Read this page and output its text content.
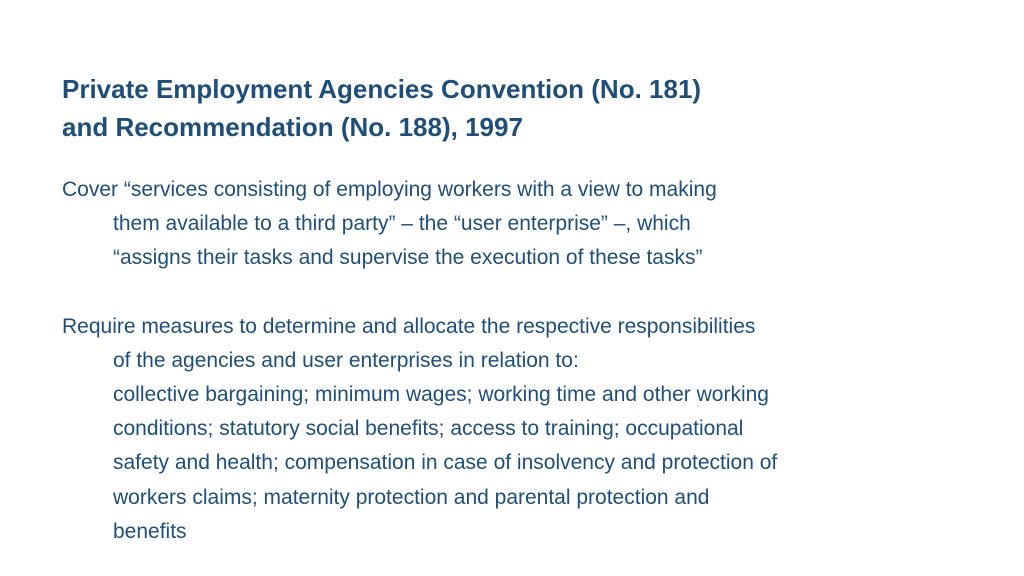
Private Employment Agencies Convention (No. 181)
and Recommendation (No. 188), 1997

Cover “services consisting of employing workers with a view to making
them available to a third party” – the “user enterprise” –, which
“assigns their tasks and supervise the execution of these tasks”

Require measures to determine and allocate the respective responsibilities
of the agencies and user enterprises in relation to:
collective bargaining; minimum wages; working time and other working
conditions; statutory social benefits; access to training; occupational
safety and health; compensation in case of insolvency and protection of
workers claims; maternity protection and parental protection and
benefits
